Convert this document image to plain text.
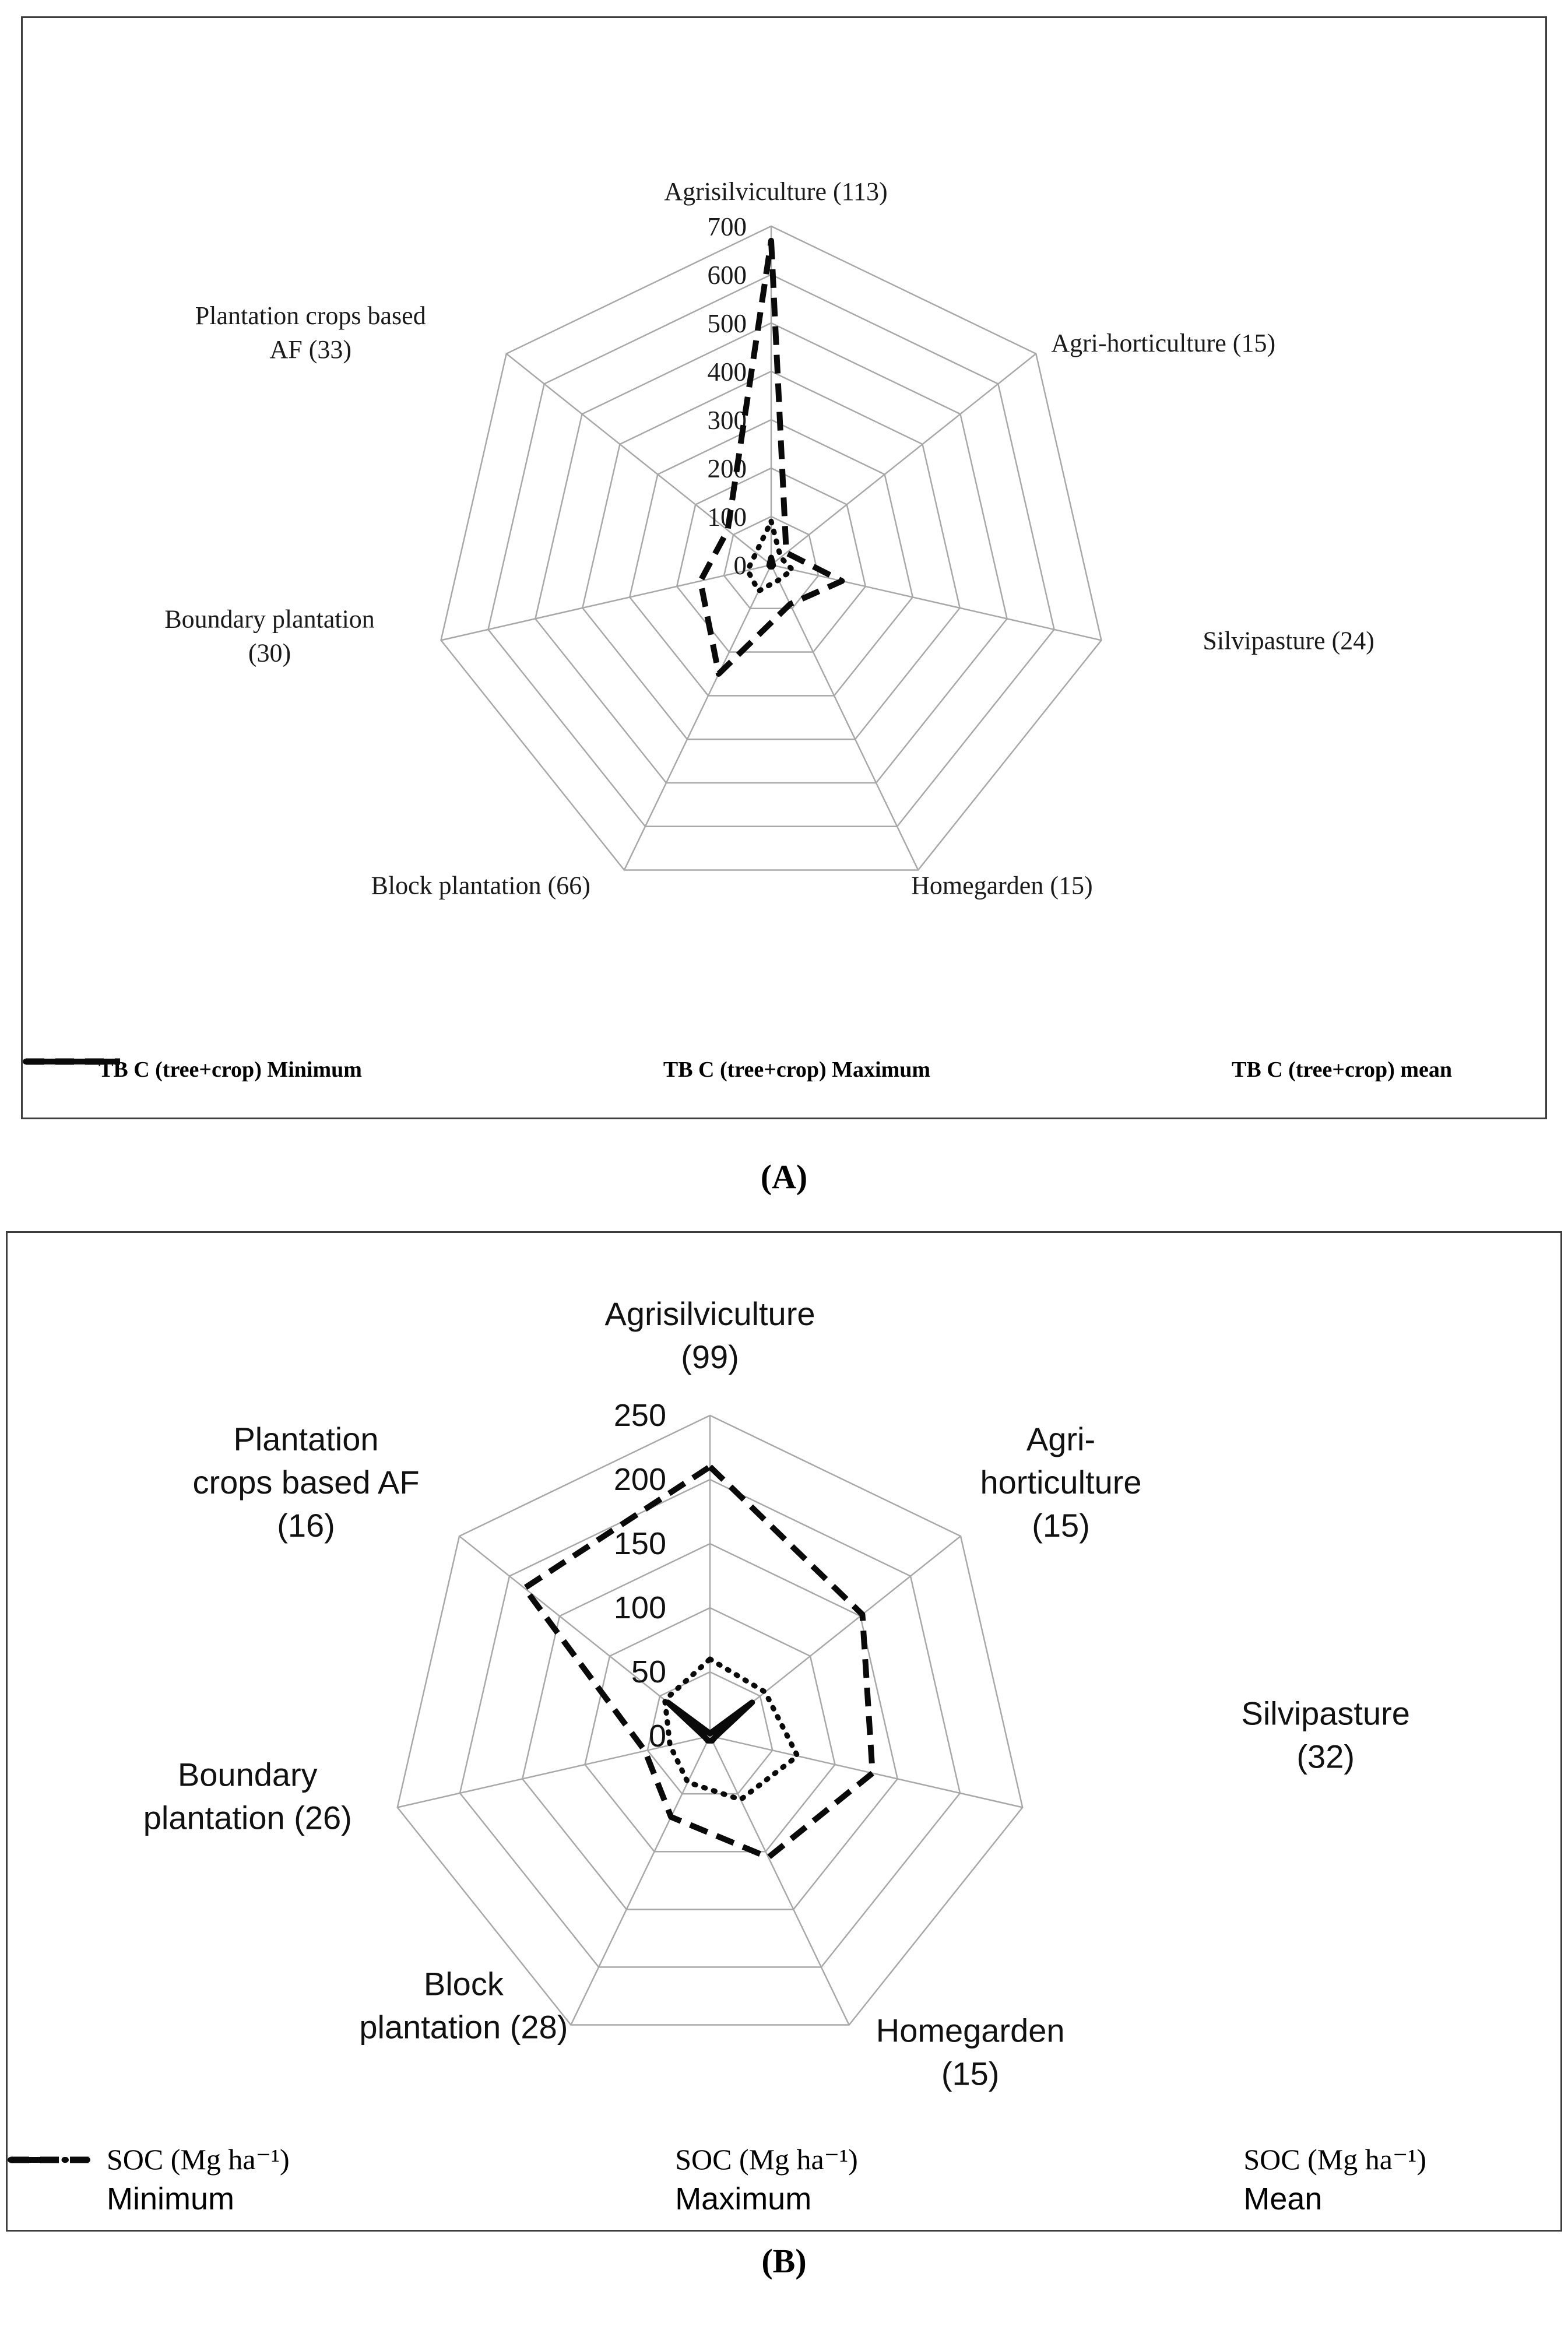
0
100
200
300
400
500
600
700
Agrisilviculture (113)
Agri-horticulture (15)
Silvipasture (24)
Homegarden (15)
Block plantation (66)
Boundary plantation (30)
Plantation crops based AF (33)
TB C (tree+crop) Minimum	TB C (tree+crop) Maximum	TB C (tree+crop) mean
(A)
0
50
100
150
200
250
Agrisilviculture (99)
Agri-horticulture (15)
Silvipasture (32)
Homegarden (15)
Block plantation (28)
Boundary plantation (26)
Plantation crops based AF (16)
SOC (Mg ha⁻¹)
Minimum
SOC (Mg ha⁻¹)
Maximum
SOC (Mg ha⁻¹)
Mean
(B)
